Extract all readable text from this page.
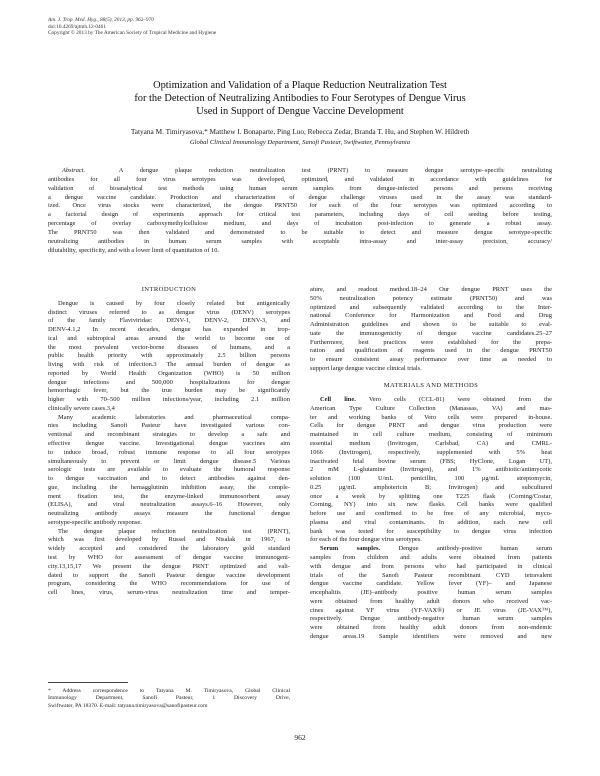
Am. J. Trop. Med. Hyg., 88(5), 2013, pp. 962–970
doi:10.4269/ajtmh.12-0461
Copyright © 2013 by The American Society of Tropical Medicine and Hygiene
Optimization and Validation of a Plaque Reduction Neutralization Test
for the Detection of Neutralizing Antibodies to Four Serotypes of Dengue Virus
Used in Support of Dengue Vaccine Development
Tatyana M. Timiryasova,* Matthew I. Bonaparte, Ping Luo, Rebecca Zedar, Branda T. Hu, and Stephen W. Hildreth
Global Clinical Immunology Department, Sanofi Pasteur, Swiftwater, Pennsylvania
Abstract.	A dengue plaque reduction neutralization test (PRNT) to measure dengue serotype–specific neutralizing
antibodies for all four virus serotypes was developed, optimized, and validated in accordance with guidelines for
validation of bioanalytical test methods using human serum samples from dengue-infected persons and persons receiving
a dengue vaccine candidate. Production and characterization of dengue challenge viruses used in the assay was standard-
ized. Once virus stocks were characterized, the dengue PRNT50 for each of the four serotypes was optimized according to
a factorial design of experiments approach for critical test parameters, including days of cell seeding before testing,
percentage of overlay carboxymethylcellulose medium, and days of incubation post-infection to generate a robust assay.
The PRNT50 was then validated and demonstrated to be suitable to detect and measure dengue serotype-specific
neutralizing antibodies in human serum samples with acceptable intra-assay and inter-assay precision, accuracy/
dilutability, specificity, and with a lower limit of quantitation of 10.
INTRODUCTION
Dengue is caused by four closely related but antigenically
distinct viruses referred to as dengue virus (DENV) serotypes
of the family Flaviviridae: DENV-1, DENV-2, DENV-3, and
DENV-4.1,2 In recent decades, dengue has expanded in trop-
ical and subtropical areas around the world to become one of
the most prevalent vector-borne diseases of humans, and a
public health priority with approximately 2.5 billion persons
living with risk of infection.3 The annual burden of dengue as
reported by World Health Organization (WHO) is 50 million
dengue infections and 500,000 hospitalizations for dengue
hemorrhagic fever, but the true burden may be significantly
higher with 70–500 million infections/year, including 2.1 million
clinically severe cases.3,4
Many academic laboratories and pharmaceutical compa-
nies including Sanofi Pasteur have investigated various con-
ventional and recombinant strategies to develop a safe and
effective dengue vaccine. Investigational dengue vaccines aim
to induce broad, robust immune response to all four serotypes
simultaneously to prevent or limit dengue disease.5 Various
serologic tests are available to evaluate the humoral response
to dengue vaccination and to detect antibodies against den-
gue, including the hemagglutinin inhibition assay, the comple-
ment fixation test, the enzyme-linked immunosorbent assay
(ELISA), and viral neutralization assays.6–16 However, only
neutralizing antibody assays measure the functional dengue
serotype-specific antibody response.
The dengue plaque reduction neutralization test (PRNT),
which was first developed by Russel and Nisalak in 1967, is
widely accepted and considered the laboratory gold standard
test by WHO for assessment of dengue vaccine immunogeni-
city.13,15,17 We present the dengue PRNT optimized and vali-
dated to support the Sanofi Pasteur dengue vaccine development
program, considering the WHO recommendations for use of
cell lines, virus, serum-virus neutralization time and temper-
ature, and readout method.18–24 Our dengue PRNT uses the
50% neutralization potency estimate (PRNT50) and was
optimized and subsequently validated according to the Inter-
national Conference for Harmonization and Food and Drug
Administration guidelines and shown to be suitable to eval-
uate the immunogenicity of dengue vaccine candidates.25–27
Furthermore, best practices were established for the prepa-
ration and qualification of reagents used in the dengue PRNT50
to ensure consistent assay performance over time as needed to
support large dengue vaccine clinical trials.
MATERIALS AND METHODS
Cell line. Vero cells (CCL-81) were obtained from the
American Type Culture Collection (Manassas, VA) and mas-
ter and working banks of Vero cells were prepared in-house.
Cells for dengue PRNT and dengue virus production were
maintained in cell culture medium, consisting of minimum
essential medium (Invitrogen, Carlsbad, CA) and CMRL-
1066 (Invitrogen), respectively, supplemented with 5% heat
inactivated fetal bovine serum (FBS; HyClone, Logan UT),
2 mM L-glutamine (Invitrogen), and 1% antibiotic/antimycotic
solution (100 U/mL penicillin, 100 μg/mL streptomycin,
0.25 μg/mL amphotericin B; Invitrogen) and subcultured
once a week by splitting one T225 flask (Corning/Costar,
Corning, NY) into six new flasks. Cell banks were qualified
before use and confirmed to be free of any microbial, myco-
plasma and viral contaminants. In addition, each new cell
bank was tested for susceptibility to dengue virus infection
for each of the four dengue virus serotypes.
Serum samples. Dengue antibody-positive human serum
samples from children and adults were obtained from patients
with dengue and from persons who had participated in clinical
trials of the Sanofi Pasteur recombinant CYD tetravalent
dengue vaccine candidate. Yellow fever (YF)– and Japanese
encephalitis (JE)–antibody positive human serum samples
were obtained from healthy adult donors who received vac-
cines against YF virus (YF-VAX®) or JE virus (JE-VAX™),
respectively. Dengue antibody-negative human serum samples
were obtained from healthy adult donors from non-endemic
dengue areas.19 Sample identifiers were removed and new
* Address correspondence to Tatyana M. Timiryasova, Global Clinical
Immunology Department, Sanofi Pasteur, 1 Discovery Drive,
Swiftwater, PA 18370. E-mail: tatyana.timiryasova@sanofipasteur.com
962
